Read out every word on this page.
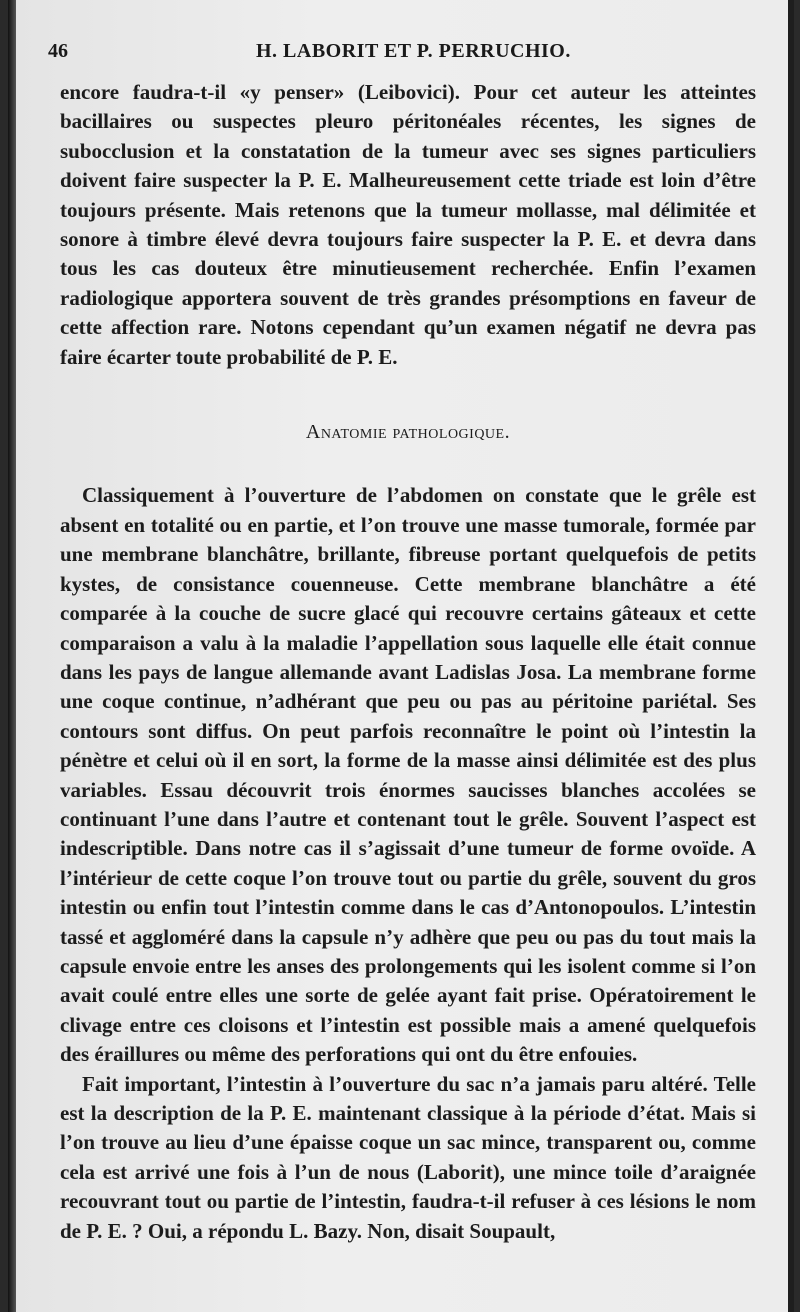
46	H. LABORIT ET P. PERRUCHIO.

encore faudra-t-il «y penser» (Leibovici). Pour cet auteur les atteintes bacillaires ou suspectes pleuro péritonéales récentes, les signes de subocclusion et la constatation de la tumeur avec ses signes particuliers doivent faire suspecter la P. E. Malheureusement cette triade est loin d’être toujours présente. Mais retenons que la tumeur mollasse, mal délimitée et sonore à timbre élevé devra toujours faire suspecter la P. E. et devra dans tous les cas douteux être minutieusement recherchée. Enfin l’examen radiologique apportera souvent de très grandes présomptions en faveur de cette affection rare. Notons cependant qu’un examen négatif ne devra pas faire écarter toute probabilité de P. E.

Anatomie pathologique.

Classiquement à l’ouverture de l’abdomen on constate que le grêle est absent en totalité ou en partie, et l’on trouve une masse tumorale, formée par une membrane blanchâtre, brillante, fibreuse portant quelquefois de petits kystes, de consistance couenneuse. Cette membrane blanchâtre a été comparée à la couche de sucre glacé qui recouvre certains gâteaux et cette comparaison a valu à la maladie l’appellation sous laquelle elle était connue dans les pays de langue allemande avant Ladislas Josa. La membrane forme une coque continue, n’adhérant que peu ou pas au péritoine pariétal. Ses contours sont diffus. On peut parfois reconnaître le point où l’intestin la pénètre et celui où il en sort, la forme de la masse ainsi délimitée est des plus variables. Essau découvrit trois énormes saucisses blanches accolées se continuant l’une dans l’autre et contenant tout le grêle. Souvent l’aspect est indescriptible. Dans notre cas il s’agissait d’une tumeur de forme ovoïde. A l’intérieur de cette coque l’on trouve tout ou partie du grêle, souvent du gros intestin ou enfin tout l’intestin comme dans le cas d’Antonopoulos. L’intestin tassé et aggloméré dans la capsule n’y adhère que peu ou pas du tout mais la capsule envoie entre les anses des prolongements qui les isolent comme si l’on avait coulé entre elles une sorte de gelée ayant fait prise. Opératoirement le clivage entre ces cloisons et l’intestin est possible mais a amené quelquefois des éraillures ou même des perforations qui ont du être enfouies.

Fait important, l’intestin à l’ouverture du sac n’a jamais paru altéré. Telle est la description de la P. E. maintenant classique à la période d’état. Mais si l’on trouve au lieu d’une épaisse coque un sac mince, transparent ou, comme cela est arrivé une fois à l’un de nous (Laborit), une mince toile d’araignée recouvrant tout ou partie de l’intestin, faudra-t-il refuser à ces lésions le nom de P. E. ? Oui, a répondu L. Bazy. Non, disait Soupault,
